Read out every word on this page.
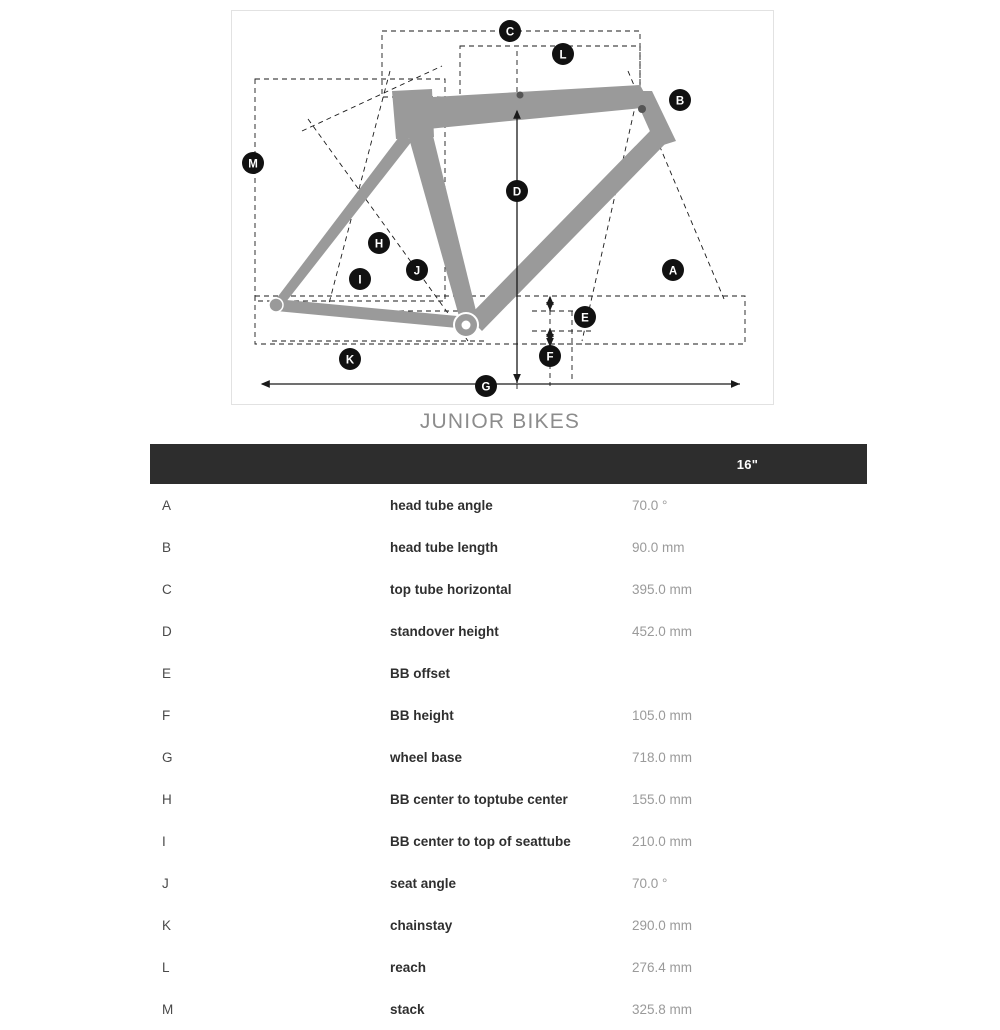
C
L
B
M
D
A
H
I
J
E
F
K
G
JUNIOR BIKES
		16"
A	head tube angle	70.0 °
B	head tube length	90.0 mm
C	top tube horizontal	395.0 mm
D	standover height	452.0 mm
E	BB offset	
F	BB height	105.0 mm
G	wheel base	718.0 mm
H	BB center to toptube center	155.0 mm
I	BB center to top of seattube	210.0 mm
J	seat angle	70.0 °
K	chainstay	290.0 mm
L	reach	276.4 mm
M	stack	325.8 mm
